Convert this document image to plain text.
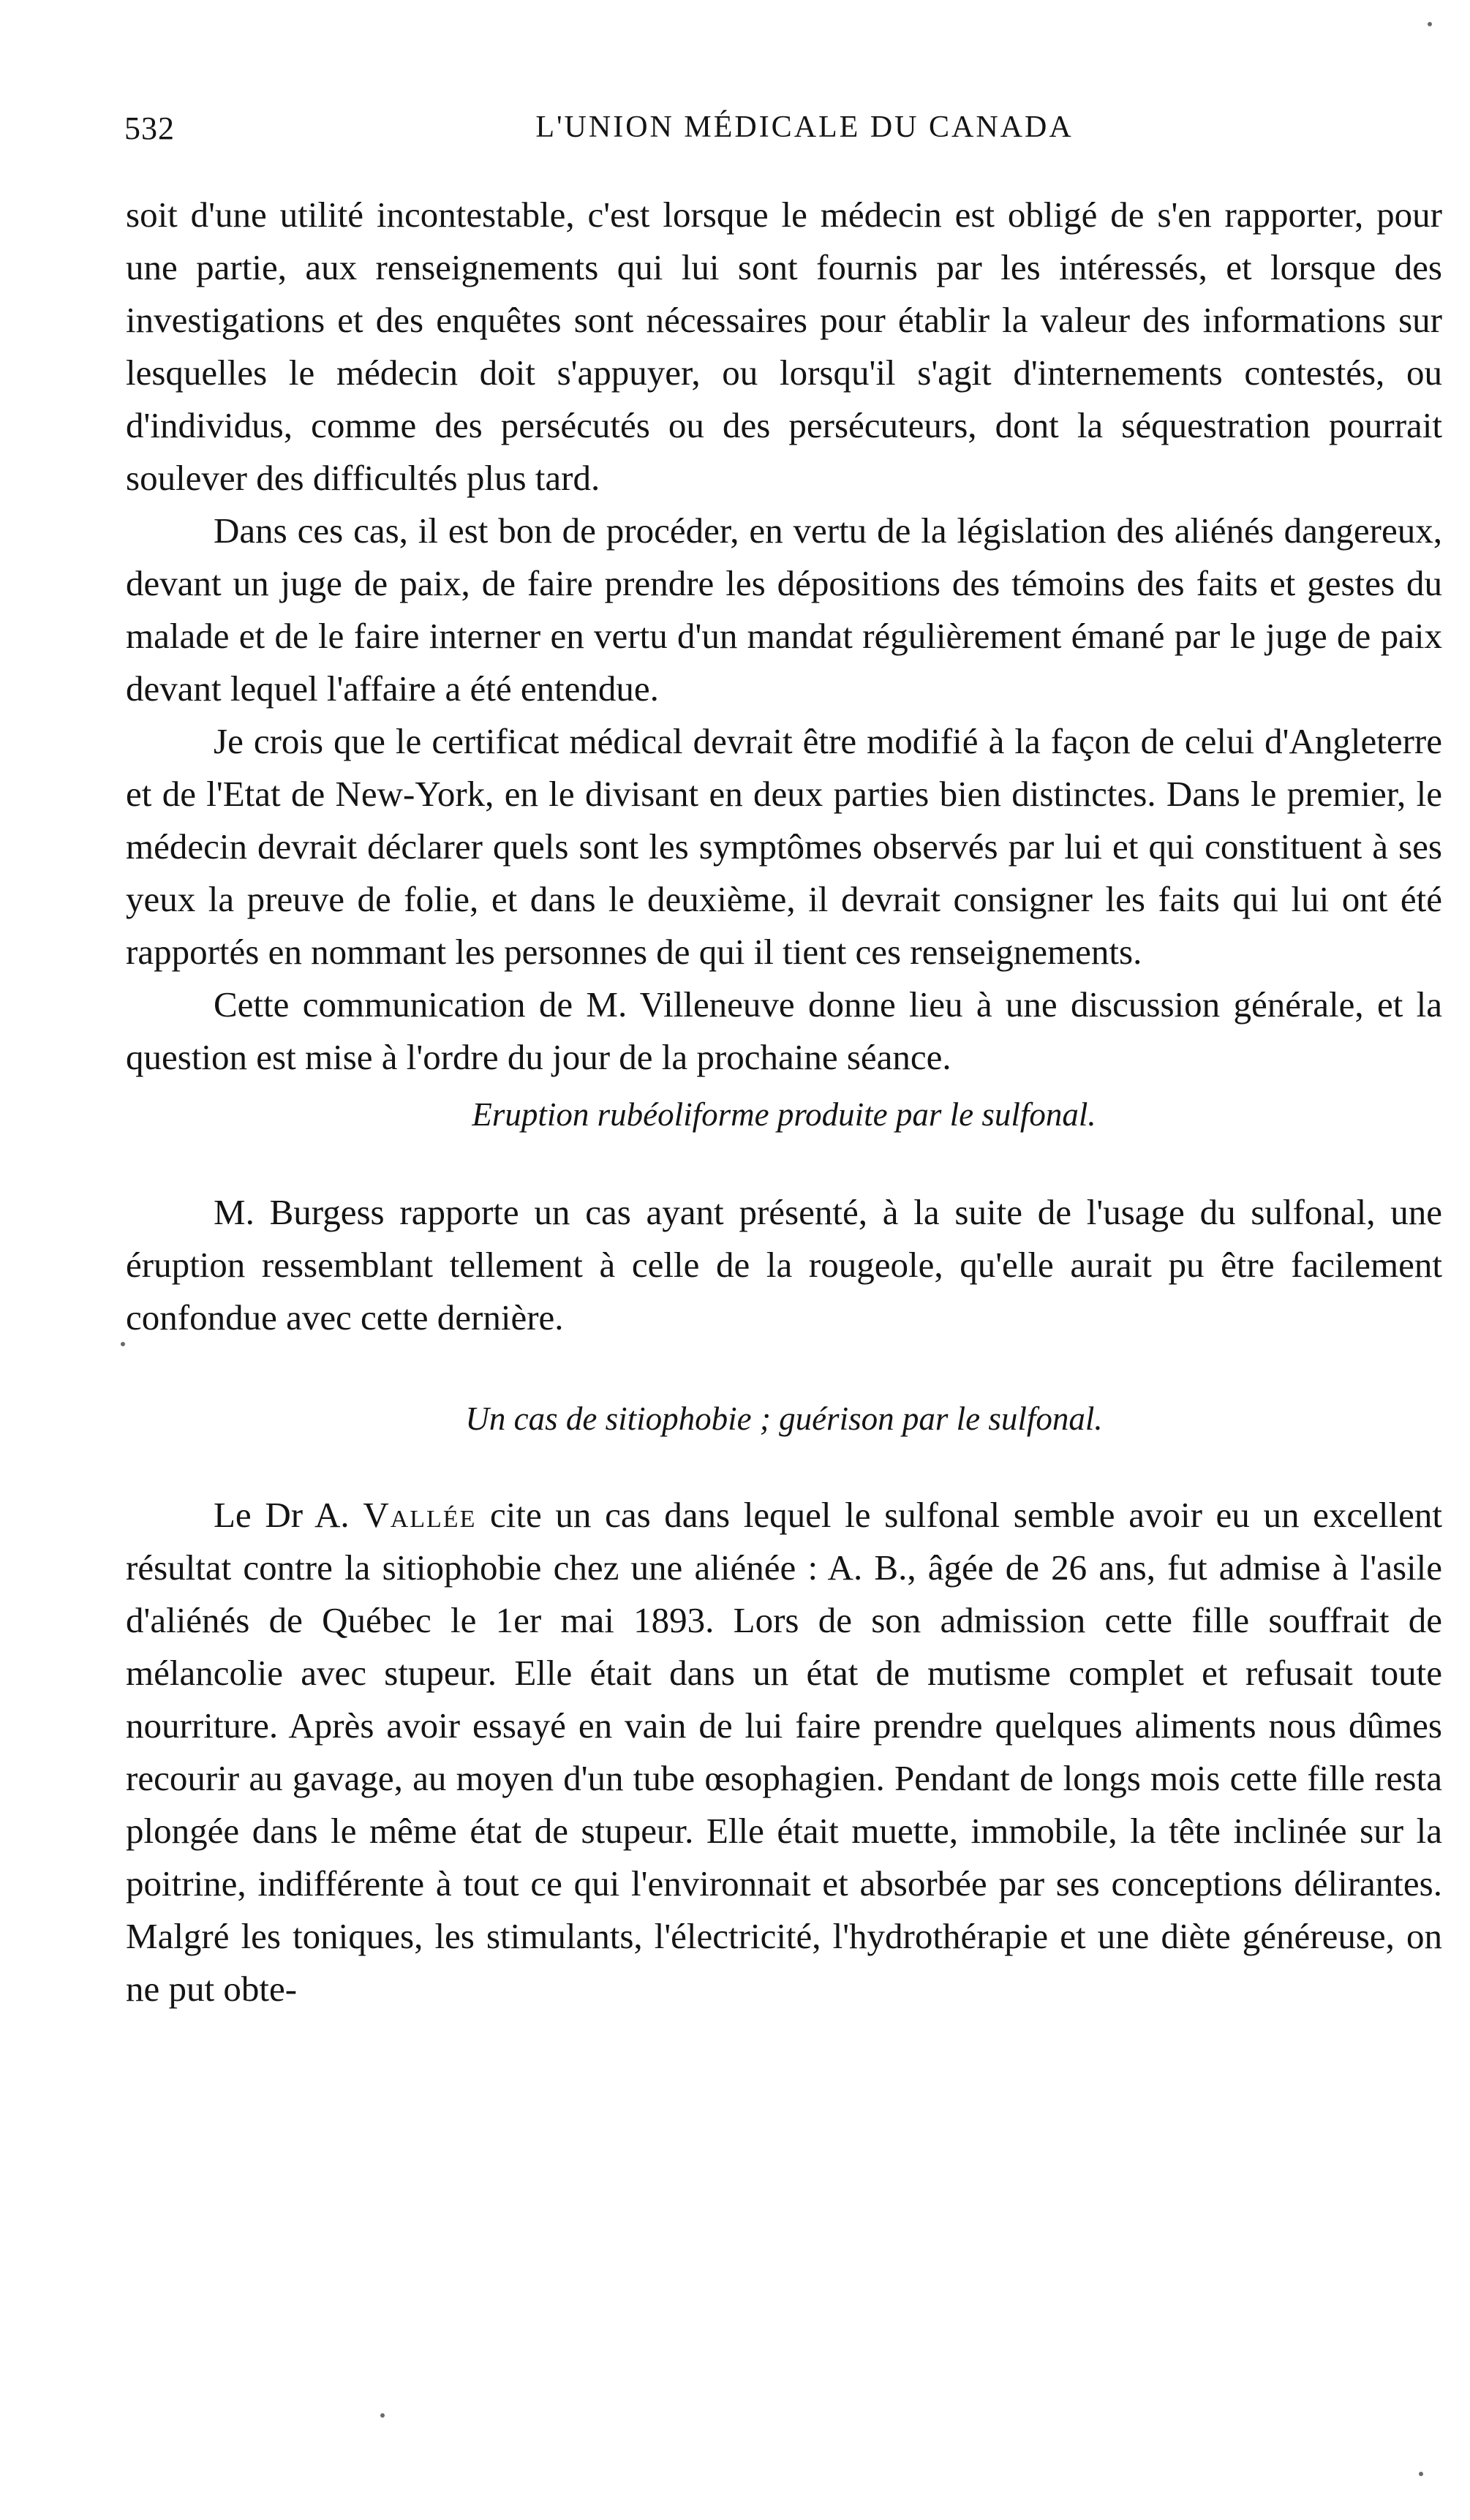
532	L'UNION MÉDICALE DU CANADA

soit d'une utilité incontestable, c'est lorsque le médecin est obligé de s'en rapporter, pour une partie, aux renseignements qui lui sont fournis par les intéressés, et lorsque des investigations et des enquêtes sont nécessaires pour établir la valeur des informations sur lesquelles le médecin doit s'appuyer, ou lorsqu'il s'agit d'internements contestés, ou d'individus, comme des persécutés ou des persécuteurs, dont la séquestration pourrait soulever des difficultés plus tard.

Dans ces cas, il est bon de procéder, en vertu de la législation des aliénés dangereux, devant un juge de paix, de faire prendre les dépositions des témoins des faits et gestes du malade et de le faire interner en vertu d'un mandat régulièrement émané par le juge de paix devant lequel l'affaire a été entendue.

Je crois que le certificat médical devrait être modifié à la façon de celui d'Angleterre et de l'Etat de New-York, en le divisant en deux parties bien distinctes. Dans le premier, le médecin devrait déclarer quels sont les symptômes observés par lui et qui constituent à ses yeux la preuve de folie, et dans le deuxième, il devrait consigner les faits qui lui ont été rapportés en nommant les personnes de qui il tient ces renseignements.

Cette communication de M. Villeneuve donne lieu à une discussion générale, et la question est mise à l'ordre du jour de la prochaine séance.

Eruption rubéoliforme produite par le sulfonal.

M. Burgess rapporte un cas ayant présenté, à la suite de l'usage du sulfonal, une éruption ressemblant tellement à celle de la rougeole, qu'elle aurait pu être facilement confondue avec cette dernière.

Un cas de sitiophobie ; guérison par le sulfonal.

Le Dr A. Vallée cite un cas dans lequel le sulfonal semble avoir eu un excellent résultat contre la sitiophobie chez une aliénée : A. B., âgée de 26 ans, fut admise à l'asile d'aliénés de Québec le 1er mai 1893. Lors de son admission cette fille souffrait de mélancolie avec stupeur. Elle était dans un état de mutisme complet et refusait toute nourriture. Après avoir essayé en vain de lui faire prendre quelques aliments nous dûmes recourir au gavage, au moyen d'un tube œsophagien. Pendant de longs mois cette fille resta plongée dans le même état de stupeur. Elle était muette, immobile, la tête inclinée sur la poitrine, indifférente à tout ce qui l'environnait et absorbée par ses conceptions délirantes. Malgré les toniques, les stimulants, l'électricité, l'hydrothérapie et une diète généreuse, on ne put obte-
